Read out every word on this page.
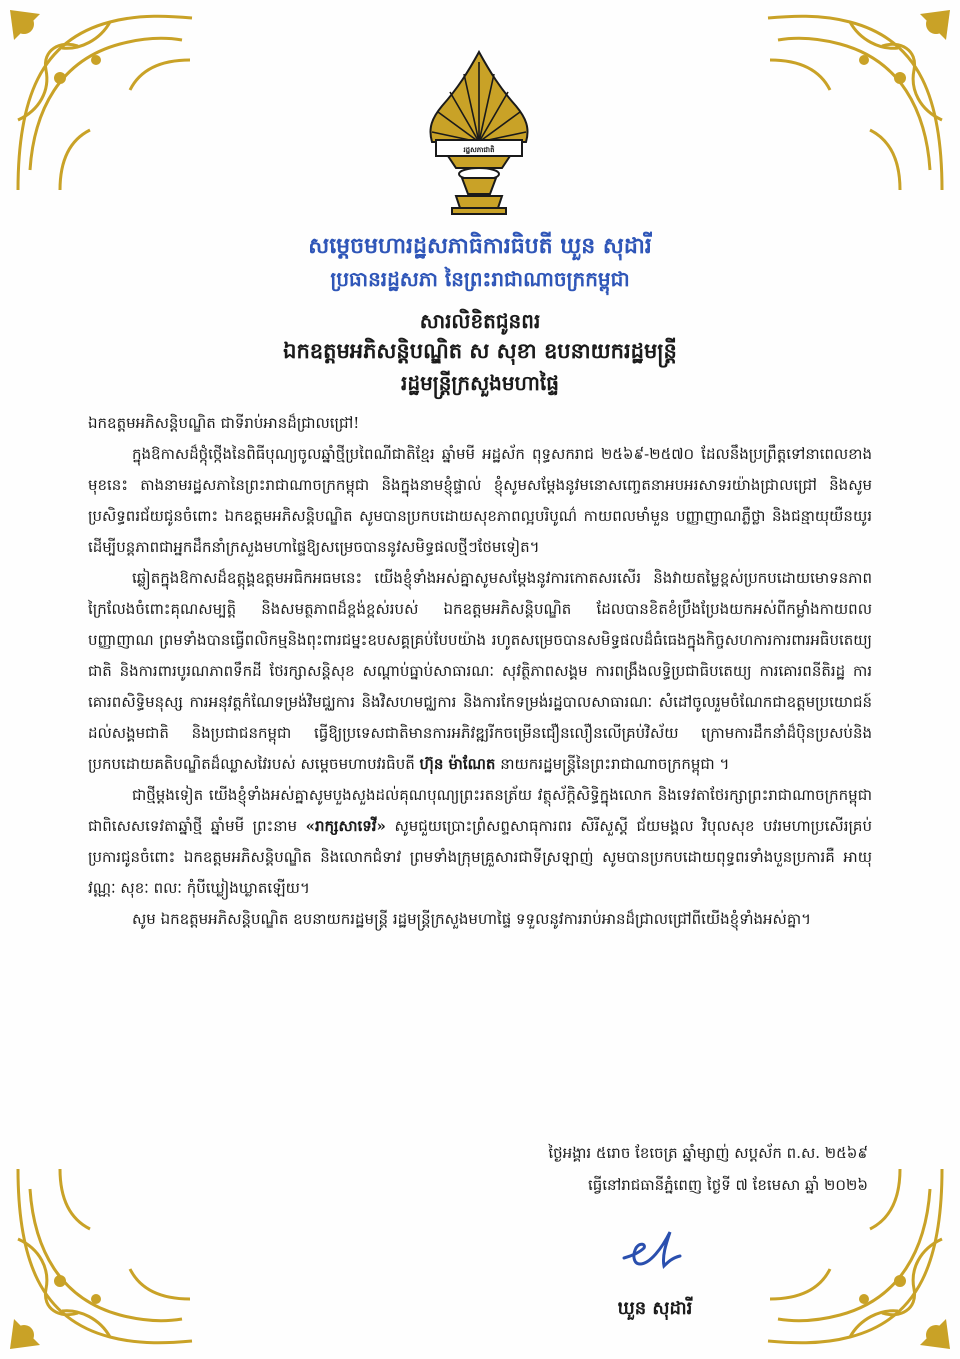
រដ្ឋសភាជាតិ
សម្តេចមហារដ្ឋសភាធិការធិបតី ឃួន សុដារី
ប្រធានរដ្ឋសភា នៃព្រះរាជាណាចក្រកម្ពុជា
សារលិខិតជូនពរ
ឯកឧត្តមអភិសន្តិបណ្ឌិត ស សុខា ឧបនាយករដ្ឋមន្ត្រី
រដ្ឋមន្ត្រីក្រសួងមហាផ្ទៃ
ឯកឧត្តមអភិសន្តិបណ្ឌិត ជាទីរាប់អានដ៏ជ្រាលជ្រៅ!

ក្នុងឱកាសដ៏ថ្កុំថ្កើងនៃពិធីបុណ្យចូលឆ្នាំថ្មីប្រពៃណីជាតិខ្មែរ ឆ្នាំមមី អដ្ឋស័ក ពុទ្ធសករាជ ២៥៦៩-២៥៧០ ដែលនឹងប្រព្រឹត្តទៅនាពេលខាងមុខនេះ តាងនាមរដ្ឋសភានៃព្រះរាជាណាចក្រកម្ពុជា និងក្នុងនាមខ្ញុំផ្ទាល់ ខ្ញុំសូមសម្តែងនូវមនោសញ្ចេតនាអបអរសាទរយ៉ាងជ្រាលជ្រៅ និងសូមប្រសិទ្ធពរជ័យជូនចំពោះ ឯកឧត្តមអភិសន្តិបណ្ឌិត សូមបានប្រកបដោយសុខភាពល្អបរិបូណ៌ កាយពលមាំមួន បញ្ញាញាណភ្លឺថ្លា និងជន្មាយុយឺនយូរ ដើម្បីបន្តភាពជាអ្នកដឹកនាំក្រសួងមហាផ្ទៃឱ្យសម្រេចបាននូវសមិទ្ធផលថ្មីៗថែមទៀត។

ឆ្លៀតក្នុងឱកាសដ៏ឧត្តុង្គឧត្តមអធិកអធមនេះ យើងខ្ញុំទាំងអស់គ្នាសូមសម្តែងនូវការកោតសរសើរ និងវាយតម្លៃខ្ពស់ប្រកបដោយមោទនភាពក្រៃលែងចំពោះគុណសម្បត្តិ និងសមត្ថភាពដ៏ខ្ពង់ខ្ពស់របស់ ឯកឧត្តមអភិសន្តិបណ្ឌិត ដែលបានខិតខំប្រឹងប្រែងយកអស់ពីកម្លាំងកាយពល បញ្ញាញាណ ព្រមទាំងបានធ្វើពលិកម្មនិងពុះពារជម្នះឧបសគ្គគ្រប់បែបយ៉ាង រហូតសម្រេចបានសមិទ្ធផលដ៏ធំធេងក្នុងកិច្ចសហការការពារអធិបតេយ្យជាតិ និងការពារបូរណភាពទឹកដី ថែរក្សាសន្តិសុខ សណ្តាប់ធ្នាប់សាធារណៈ សុវត្ថិភាពសង្គម ការពង្រឹងលទ្ធិប្រជាធិបតេយ្យ ការគោរពនីតិរដ្ឋ ការគោរពសិទ្ធិមនុស្ស ការអនុវត្តកំណែទម្រង់វិមជ្ឈការ និងវិសហមជ្ឈការ និងការកែទម្រង់រដ្ឋបាលសាធារណៈ សំដៅចូលរួមចំណែកជាឧត្តមប្រយោជន៍ដល់សង្គមជាតិ និងប្រជាជនកម្ពុជា ធ្វើឱ្យប្រទេសជាតិមានការអភិវឌ្ឍរីកចម្រើនជឿនលឿនលើគ្រប់វិស័យ ក្រោមការដឹកនាំដ៏ប៉ិនប្រសប់និងប្រកបដោយគតិបណ្ឌិតដ៏ឈ្លាសវៃរបស់ សម្តេចមហាបវរធិបតី ហ៊ុន ម៉ាណែត នាយករដ្ឋមន្ត្រីនៃព្រះរាជាណាចក្រកម្ពុជា ។

ជាថ្មីម្តងទៀត យើងខ្ញុំទាំងអស់គ្នាសូមបួងសួងដល់គុណបុណ្យព្រះរតនត្រ័យ វត្ថុស័ក្តិសិទ្ធិក្នុងលោក និងទេវតាថែរក្សាព្រះរាជាណាចក្រកម្ពុជា ជាពិសេសទេវតាឆ្នាំថ្មី ឆ្នាំមមី ព្រះនាម «រាក្សសាទេវី» សូមជួយប្រោះព្រំសព្ទសាធុការពរ សិរីសួស្តី ជ័យមង្គល វិបុលសុខ បវរមហាប្រសើរគ្រប់ប្រការជូនចំពោះ ឯកឧត្តមអភិសន្តិបណ្ឌិត និងលោកជំទាវ ព្រមទាំងក្រុមគ្រួសារជាទីស្រឡាញ់ សូមបានប្រកបដោយពុទ្ធពរទាំងបួនប្រការគឺ អាយុ វណ្ណៈ សុខៈ ពលៈ កុំបីឃ្លៀងឃ្លាតឡើយ។

សូម ឯកឧត្តមអភិសន្តិបណ្ឌិត ឧបនាយករដ្ឋមន្ត្រី រដ្ឋមន្ត្រីក្រសួងមហាផ្ទៃ ទទួលនូវការរាប់អានដ៏ជ្រាលជ្រៅពីយើងខ្ញុំទាំងអស់គ្នា។

ថ្ងៃអង្គារ ៥រោច ខែចេត្រ ឆ្នាំម្សាញ់ សប្តស័ក ព.ស. ២៥៦៩
ធ្វើនៅរាជធានីភ្នំពេញ ថ្ងៃទី ៧ ខែមេសា ឆ្នាំ ២០២៦
ឃួន សុដារី
